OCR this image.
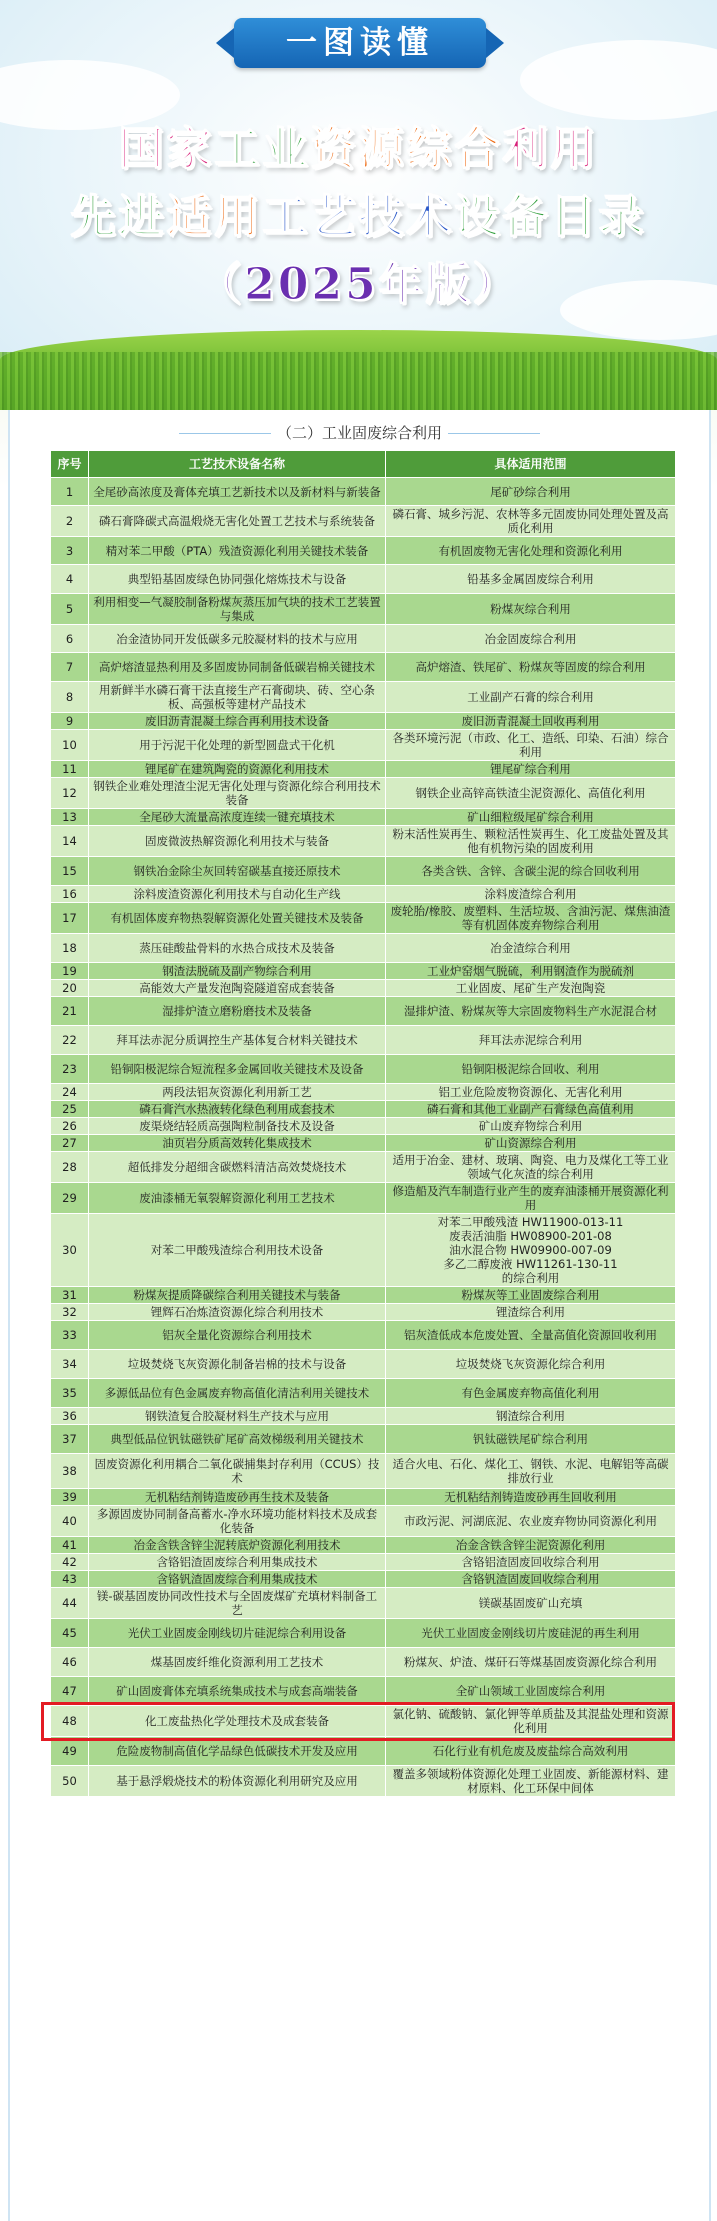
一图读懂
国家工业资源综合利用
先进适用工艺技术设备目录
（2025年版）
（二）工业固废综合利用
序号	工艺技术设备名称	具体适用范围
1	全尾砂高浓度及膏体充填工艺新技术以及新材料与新装备	尾矿砂综合利用
2	磷石膏降碳式高温煅烧无害化处置工艺技术与系统装备	磷石膏、城乡污泥、农林等多元固废协同处理处置及高质化利用
3	精对苯二甲酸（PTA）残渣资源化利用关键技术装备	有机固废物无害化处理和资源化利用
4	典型铅基固废绿色协同强化熔炼技术与设备	铅基多金属固废综合利用
5	利用相变—气凝胶制备粉煤灰蒸压加气块的技术工艺装置与集成	粉煤灰综合利用
6	冶金渣协同开发低碳多元胶凝材料的技术与应用	冶金固废综合利用
7	高炉熔渣显热利用及多固废协同制备低碳岩棉关键技术	高炉熔渣、铁尾矿、粉煤灰等固废的综合利用
8	用新鲜半水磷石膏干法直接生产石膏砌块、砖、空心条板、高强板等建材产品技术	工业副产石膏的综合利用
9	废旧沥青混凝土综合再利用技术设备	废旧沥青混凝土回收再利用
10	用于污泥干化处理的新型圆盘式干化机	各类环境污泥（市政、化工、造纸、印染、石油）综合利用
11	锂尾矿在建筑陶瓷的资源化利用技术	锂尾矿综合利用
12	钢铁企业难处理渣尘泥无害化处理与资源化综合利用技术装备	钢铁企业高锌高铁渣尘泥资源化、高值化利用
13	全尾砂大流量高浓度连续一键充填技术	矿山细粒级尾矿综合利用
14	固废微波热解资源化利用技术与装备	粉末活性炭再生、颗粒活性炭再生、化工废盐处置及其他有机物污染的固废利用
15	钢铁冶金除尘灰回转窑碳基直接还原技术	各类含铁、含锌、含碳尘泥的综合回收利用
16	涂料废渣资源化利用技术与自动化生产线	涂料废渣综合利用
17	有机固体废弃物热裂解资源化处置关键技术及装备	废轮胎/橡胶、废塑料、生活垃圾、含油污泥、煤焦油渣等有机固体废弃物综合利用
18	蒸压硅酸盐骨料的水热合成技术及装备	冶金渣综合利用
19	钢渣法脱硫及副产物综合利用	工业炉窑烟气脱硫，利用钢渣作为脱硫剂
20	高能效大产量发泡陶瓷隧道窑成套装备	工业固废、尾矿生产发泡陶瓷
21	湿排炉渣立磨粉磨技术及装备	湿排炉渣、粉煤灰等大宗固废物料生产水泥混合材
22	拜耳法赤泥分质调控生产基体复合材料关键技术	拜耳法赤泥综合利用
23	铅铜阳极泥综合短流程多金属回收关键技术及设备	铅铜阳极泥综合回收、利用
24	两段法铝灰资源化利用新工艺	铝工业危险废物资源化、无害化利用
25	磷石膏汽水热液转化绿色利用成套技术	磷石膏和其他工业副产石膏绿色高值利用
26	废渠烧结轻质高强陶粒制备技术及设备	矿山废弃物综合利用
27	油页岩分质高效转化集成技术	矿山资源综合利用
28	超低排发分超细含碳燃料清洁高效焚烧技术	适用于冶金、建材、玻璃、陶瓷、电力及煤化工等工业领域气化灰渣的综合利用
29	废油漆桶无氧裂解资源化利用工艺技术	修造船及汽车制造行业产生的废弃油漆桶开展资源化利用
30	对苯二甲酸残渣综合利用技术设备	对苯二甲酸残渣 HW11900-013-11
废表活油脂 HW08900-201-08
油水混合物 HW09900-007-09
多乙二醇废液 HW11261-130-11
的综合利用
31	粉煤灰提质降碳综合利用关键技术与装备	粉煤灰等工业固废综合利用
32	锂辉石冶炼渣资源化综合利用技术	锂渣综合利用
33	铝灰全量化资源综合利用技术	铝灰渣低成本危废处置、全量高值化资源回收利用
34	垃圾焚烧飞灰资源化制备岩棉的技术与设备	垃圾焚烧飞灰资源化综合利用
35	多源低品位有色金属废弃物高值化清洁利用关键技术	有色金属废弃物高值化利用
36	钢铁渣复合胶凝材料生产技术与应用	钢渣综合利用
37	典型低品位钒钛磁铁矿尾矿高效梯级利用关键技术	钒钛磁铁尾矿综合利用
38	固废资源化利用耦合二氧化碳捕集封存利用（CCUS）技术	适合火电、石化、煤化工、钢铁、水泥、电解铝等高碳排放行业
39	无机粘结剂铸造废砂再生技术及装备	无机粘结剂铸造废砂再生回收利用
40	多源固废协同制备高蓄水-净水环境功能材料技术及成套化装备	市政污泥、河湖底泥、农业废弃物协同资源化利用
41	冶金含铁含锌尘泥转底炉资源化利用技术	冶金含铁含锌尘泥资源化利用
42	含铬铝渣固废综合利用集成技术	含铬铝渣固废回收综合利用
43	含铬钒渣固废综合利用集成技术	含铬钒渣固废回收综合利用
44	镁-碳基固废协同改性技术与全固废煤矿充填材料制备工艺	镁碳基固废矿山充填
45	光伏工业固废金刚线切片硅泥综合利用设备	光伏工业固废金刚线切片废硅泥的再生利用
46	煤基固废纤维化资源利用工艺技术	粉煤灰、炉渣、煤矸石等煤基固废资源化综合利用
47	矿山固废膏体充填系统集成技术与成套高端装备	全矿山领域工业固废综合利用
48	化工废盐热化学处理技术及成套装备	氯化钠、硫酸钠、氯化钾等单质盐及其混盐处理和资源化利用
49	危险废物制高值化学品绿色低碳技术开发及应用	石化行业有机危废及废盐综合高效利用
50	基于悬浮煅烧技术的粉体资源化利用研究及应用	覆盖多领域粉体资源化处理工业固废、新能源材料、建材原料、化工环保中间体
